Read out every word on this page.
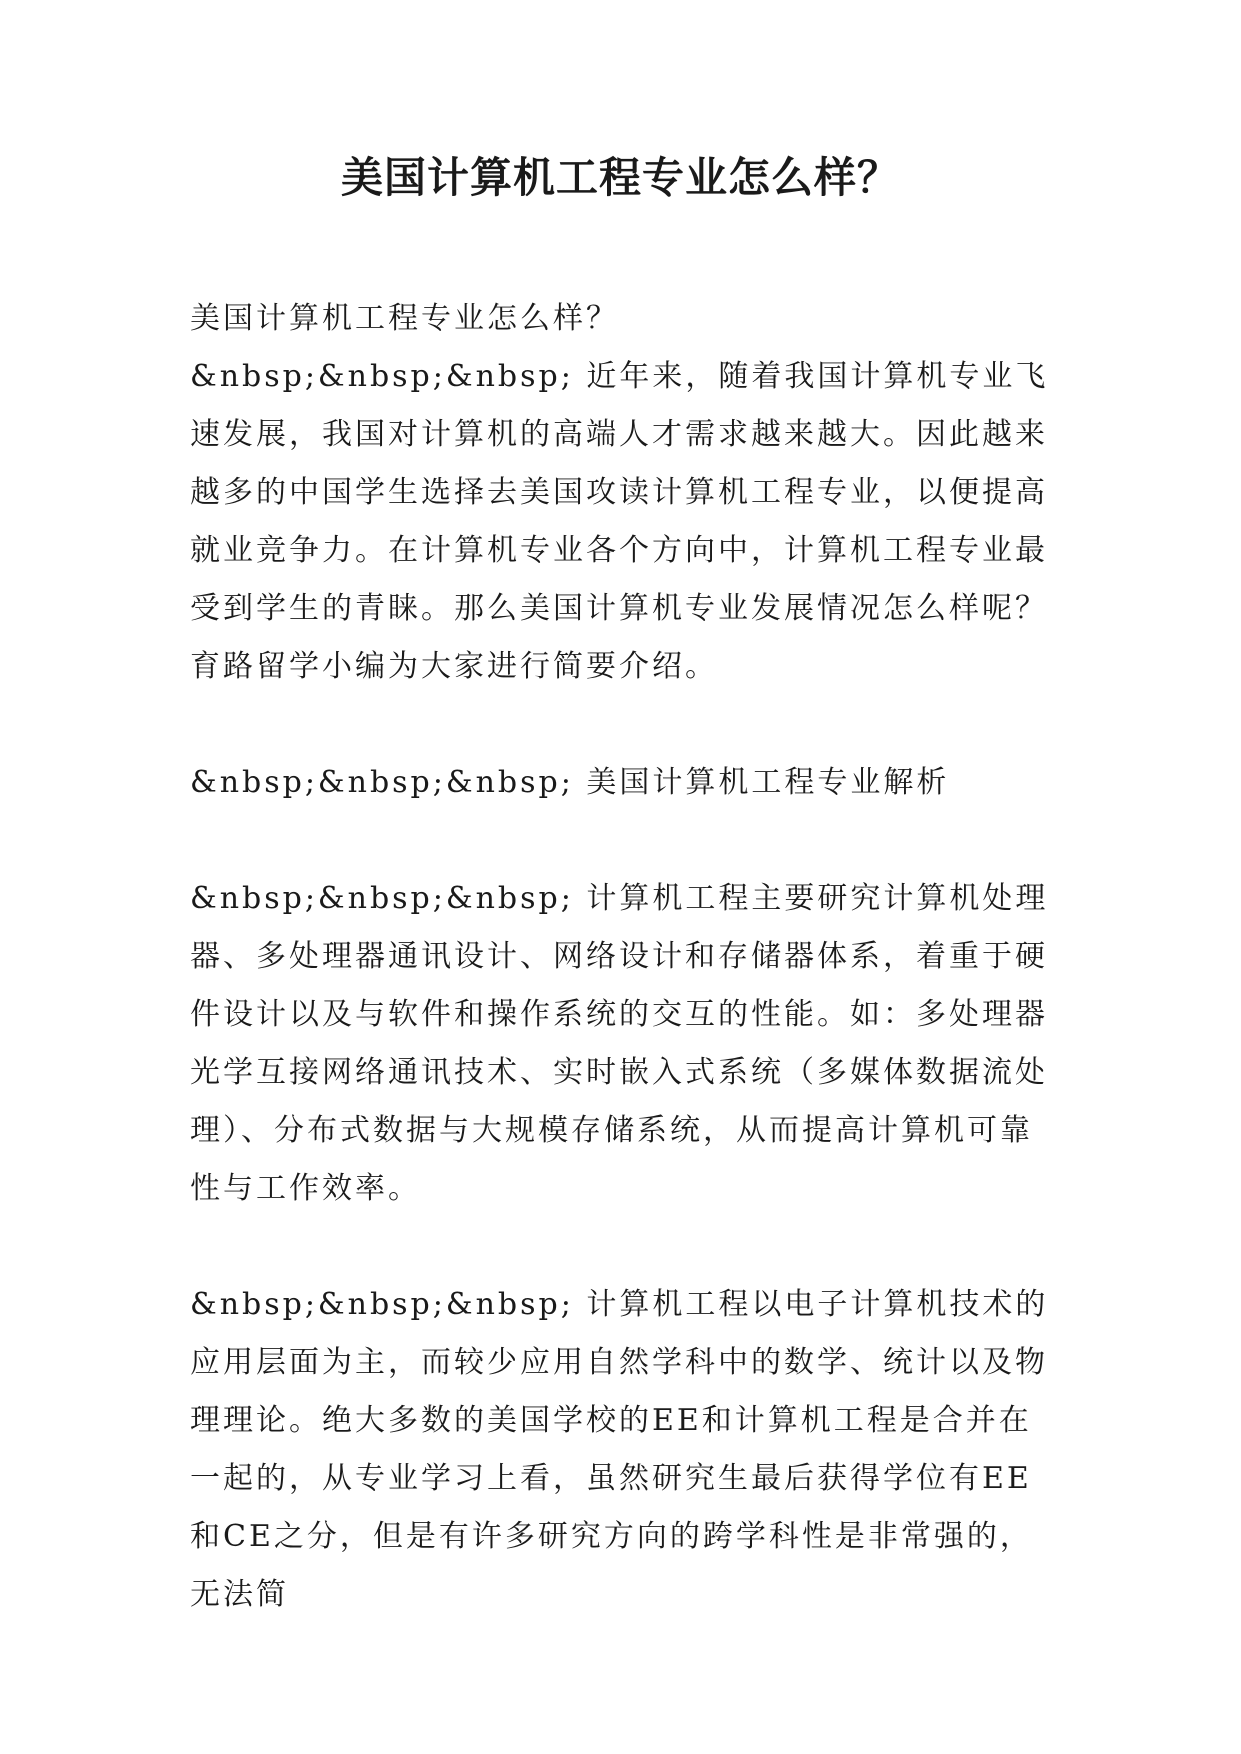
美国计算机工程专业怎么样？

美国计算机工程专业怎么样？

&nbsp;&nbsp;&nbsp; 近年来，随着我国计算机专业飞速发展，我国对计算机的高端人才需求越来越大。因此越来越多的中国学生选择去美国攻读计算机工程专业，以便提高就业竞争力。在计算机专业各个方向中，计算机工程专业最受到学生的青睐。那么美国计算机专业发展情况怎么样呢？育路留学小编为大家进行简要介绍。

&nbsp;&nbsp;&nbsp; 美国计算机工程专业解析

&nbsp;&nbsp;&nbsp; 计算机工程主要研究计算机处理器、多处理器通讯设计、网络设计和存储器体系，着重于硬件设计以及与软件和操作系统的交互的性能。如：多处理器光学互接网络通讯技术、实时嵌入式系统（多媒体数据流处理）、分布式数据与大规模存储系统，从而提高计算机可靠性与工作效率。

&nbsp;&nbsp;&nbsp; 计算机工程以电子计算机技术的应用层面为主，而较少应用自然学科中的数学、统计以及物理理论。绝大多数的美国学校的EE和计算机工程是合并在一起的，从专业学习上看，虽然研究生最后获得学位有EE和CE之分，但是有许多研究方向的跨学科性是非常强的，无法简
